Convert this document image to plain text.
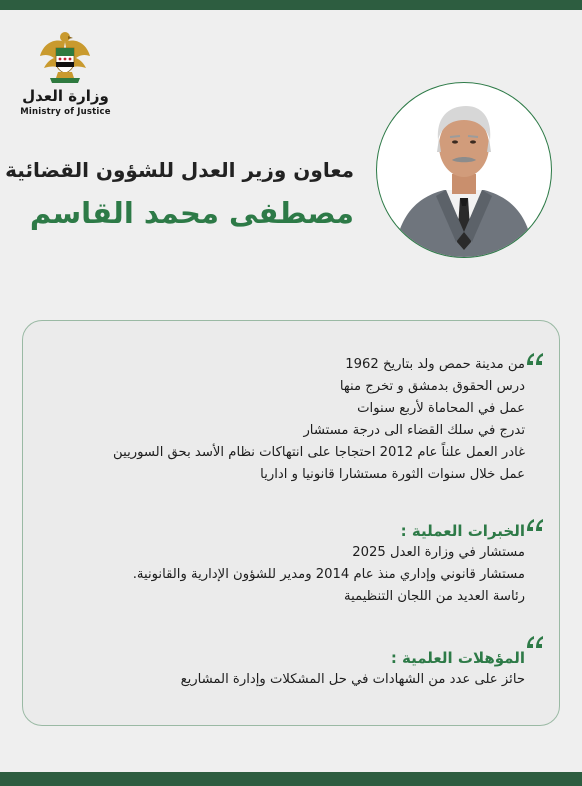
وزارة العدل
Ministry of Justice
معاون وزير العدل للشؤون القضائية
مصطفى محمد القاسم
من مدينة حمص ولد بتاريخ 1962
درس الحقوق بدمشق و تخرج منها
عمل في المحاماة لأربع سنوات
تدرج في سلك القضاء الى درجة مستشار
غادر العمل علناً عام 2012 احتجاجا على انتهاكات نظام الأسد بحق السوريين
عمل خلال سنوات الثورة مستشارا قانونيا و اداريا
الخبرات العملية :
مستشار في وزارة العدل 2025
مستشار قانوني وإداري منذ عام 2014 ومدير للشؤون الإدارية والقانونية.
رئاسة العديد من اللجان التنظيمية
المؤهلات العلمية :
حائز على عدد من الشهادات في حل المشكلات وإدارة المشاريع
